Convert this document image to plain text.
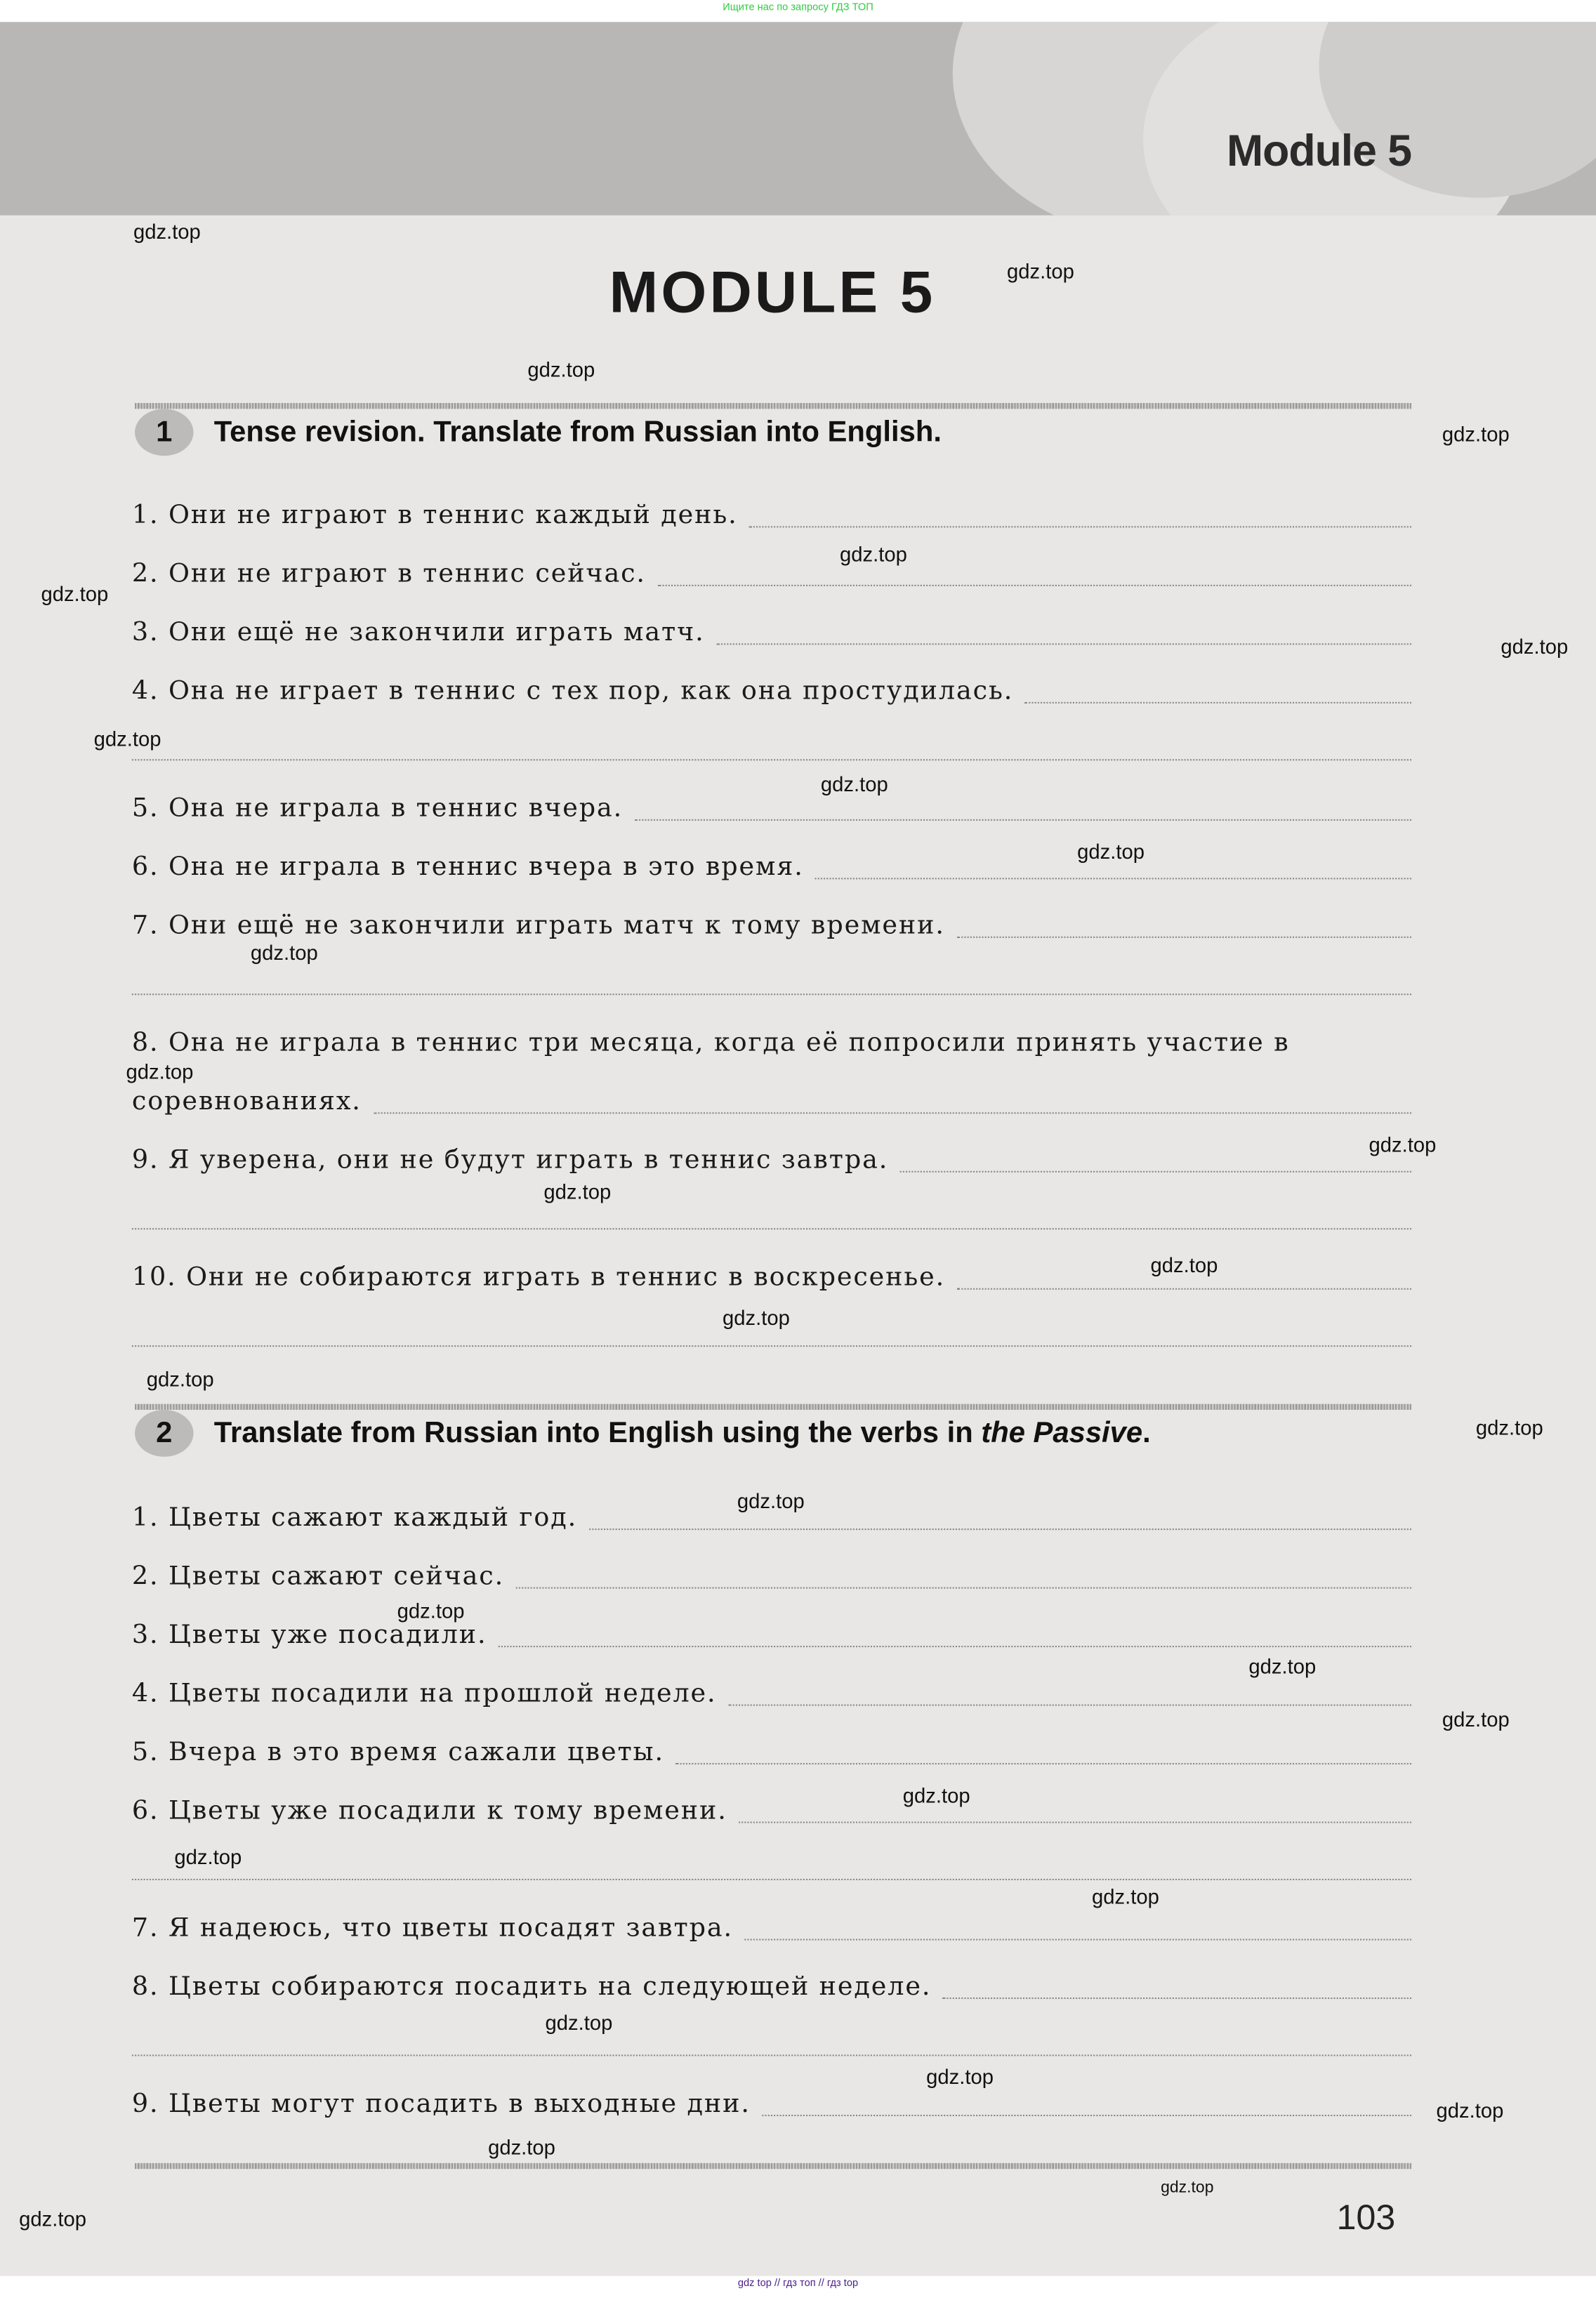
Ищите нас по запросу ГДЗ ТОП
Module 5
MODULE 5
1	Tense revision. Translate from Russian into English.
1. Они не играют в теннис каждый день.
2. Они не играют в теннис сейчас.
3. Они ещё не закончили играть матч.
4. Она не играет в теннис с тех пор, как она простудилась.
5. Она не играла в теннис вчера.
6. Она не играла в теннис вчера в это время.
7. Они ещё не закончили играть матч к тому времени.
8. Она не играла в теннис три месяца, когда её попросили принять участие в
соревнованиях.
9. Я уверена, они не будут играть в теннис завтра.
10. Они не собираются играть в теннис в воскресенье.
2	Translate from Russian into English using the verbs in
the Passive .
1. Цветы сажают каждый год.
2. Цветы сажают сейчас.
3. Цветы уже посадили.
4. Цветы посадили на прошлой неделе.
5. Вчера в это время сажали цветы.
6. Цветы уже посадили к тому времени.
7. Я надеюсь, что цветы посадят завтра.
8. Цветы собираются посадить на следующей неделе.
9. Цветы могут посадить в выходные дни.
103
gdz.top
gdz.top
gdz.top
gdz.top
gdz.top
gdz.top
gdz.top
gdz.top
gdz.top
gdz.top
gdz.top
gdz.top
gdz.top
gdz.top
gdz.top
gdz.top
gdz.top
gdz.top
gdz.top
gdz.top
gdz.top
gdz.top
gdz.top
gdz.top
gdz.top
gdz.top
gdz.top
gdz.top
gdz.top
gdz.top
gdz.top
gdz top // гдз топ // гдз top
